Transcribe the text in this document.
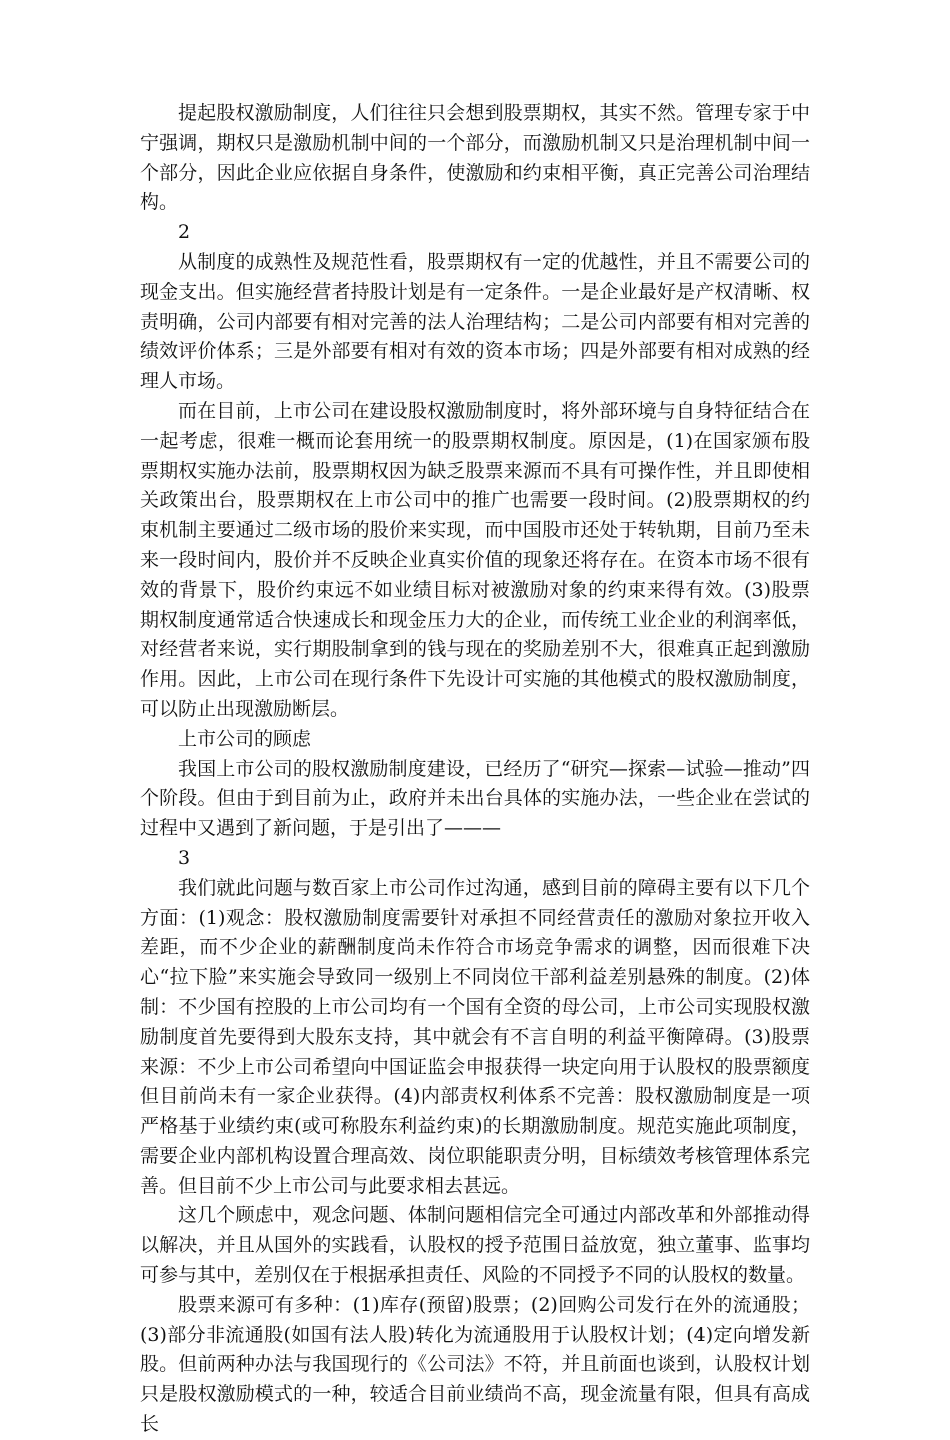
提起股权激励制度，人们往往只会想到股票期权，其实不然。管理专家于中宁强调，期权只是激励机制中间的一个部分，而激励机制又只是治理机制中间一个部分，因此企业应依据自身条件，使激励和约束相平衡，真正完善公司治理结构。

2

从制度的成熟性及规范性看，股票期权有一定的优越性，并且不需要公司的现金支出。但实施经营者持股计划是有一定条件。一是企业最好是产权清晰、权责明确，公司内部要有相对完善的法人治理结构；二是公司内部要有相对完善的绩效评价体系；三是外部要有相对有效的资本市场；四是外部要有相对成熟的经理人市场。

而在目前，上市公司在建设股权激励制度时，将外部环境与自身特征结合在一起考虑，很难一概而论套用统一的股票期权制度。原因是，(1)在国家颁布股票期权实施办法前，股票期权因为缺乏股票来源而不具有可操作性，并且即使相关政策出台，股票期权在上市公司中的推广也需要一段时间。(2)股票期权的约束机制主要通过二级市场的股价来实现，而中国股市还处于转轨期，目前乃至未来一段时间内，股价并不反映企业真实价值的现象还将存在。在资本市场不很有效的背景下，股价约束远不如业绩目标对被激励对象的约束来得有效。(3)股票期权制度通常适合快速成长和现金压力大的企业，而传统工业企业的利润率低，对经营者来说，实行期股制拿到的钱与现在的奖励差别不大，很难真正起到激励作用。因此，上市公司在现行条件下先设计可实施的其他模式的股权激励制度，可以防止出现激励断层。

上市公司的顾虑

我国上市公司的股权激励制度建设，已经历了“研究—探索—试验—推动”四个阶段。但由于到目前为止，政府并未出台具体的实施办法，一些企业在尝试的过程中又遇到了新问题，于是引出了———

3

我们就此问题与数百家上市公司作过沟通，感到目前的障碍主要有以下几个方面：(1)观念：股权激励制度需要针对承担不同经营责任的激励对象拉开收入差距，而不少企业的薪酬制度尚未作符合市场竞争需求的调整，因而很难下决心“拉下脸”来实施会导致同一级别上不同岗位干部利益差别悬殊的制度。(2)体制：不少国有控股的上市公司均有一个国有全资的母公司，上市公司实现股权激励制度首先要得到大股东支持，其中就会有不言自明的利益平衡障碍。(3)股票来源：不少上市公司希望向中国证监会申报获得一块定向用于认股权的股票额度但目前尚未有一家企业获得。(4)内部责权利体系不完善：股权激励制度是一项严格基于业绩约束(或可称股东利益约束)的长期激励制度。规范实施此项制度，需要企业内部机构设置合理高效、岗位职能职责分明，目标绩效考核管理体系完善。但目前不少上市公司与此要求相去甚远。

这几个顾虑中，观念问题、体制问题相信完全可通过内部改革和外部推动得以解决，并且从国外的实践看，认股权的授予范围日益放宽，独立董事、监事均可参与其中，差别仅在于根据承担责任、风险的不同授予不同的认股权的数量。

股票来源可有多种：(1)库存(预留)股票；(2)回购公司发行在外的流通股；(3)部分非流通股(如国有法人股)转化为流通股用于认股权计划；(4)定向增发新股。但前两种办法与我国现行的《公司法》不符，并且前面也谈到，认股权计划只是股权激励模式的一种，较适合目前业绩尚不高，现金流量有限，但具有高成长
